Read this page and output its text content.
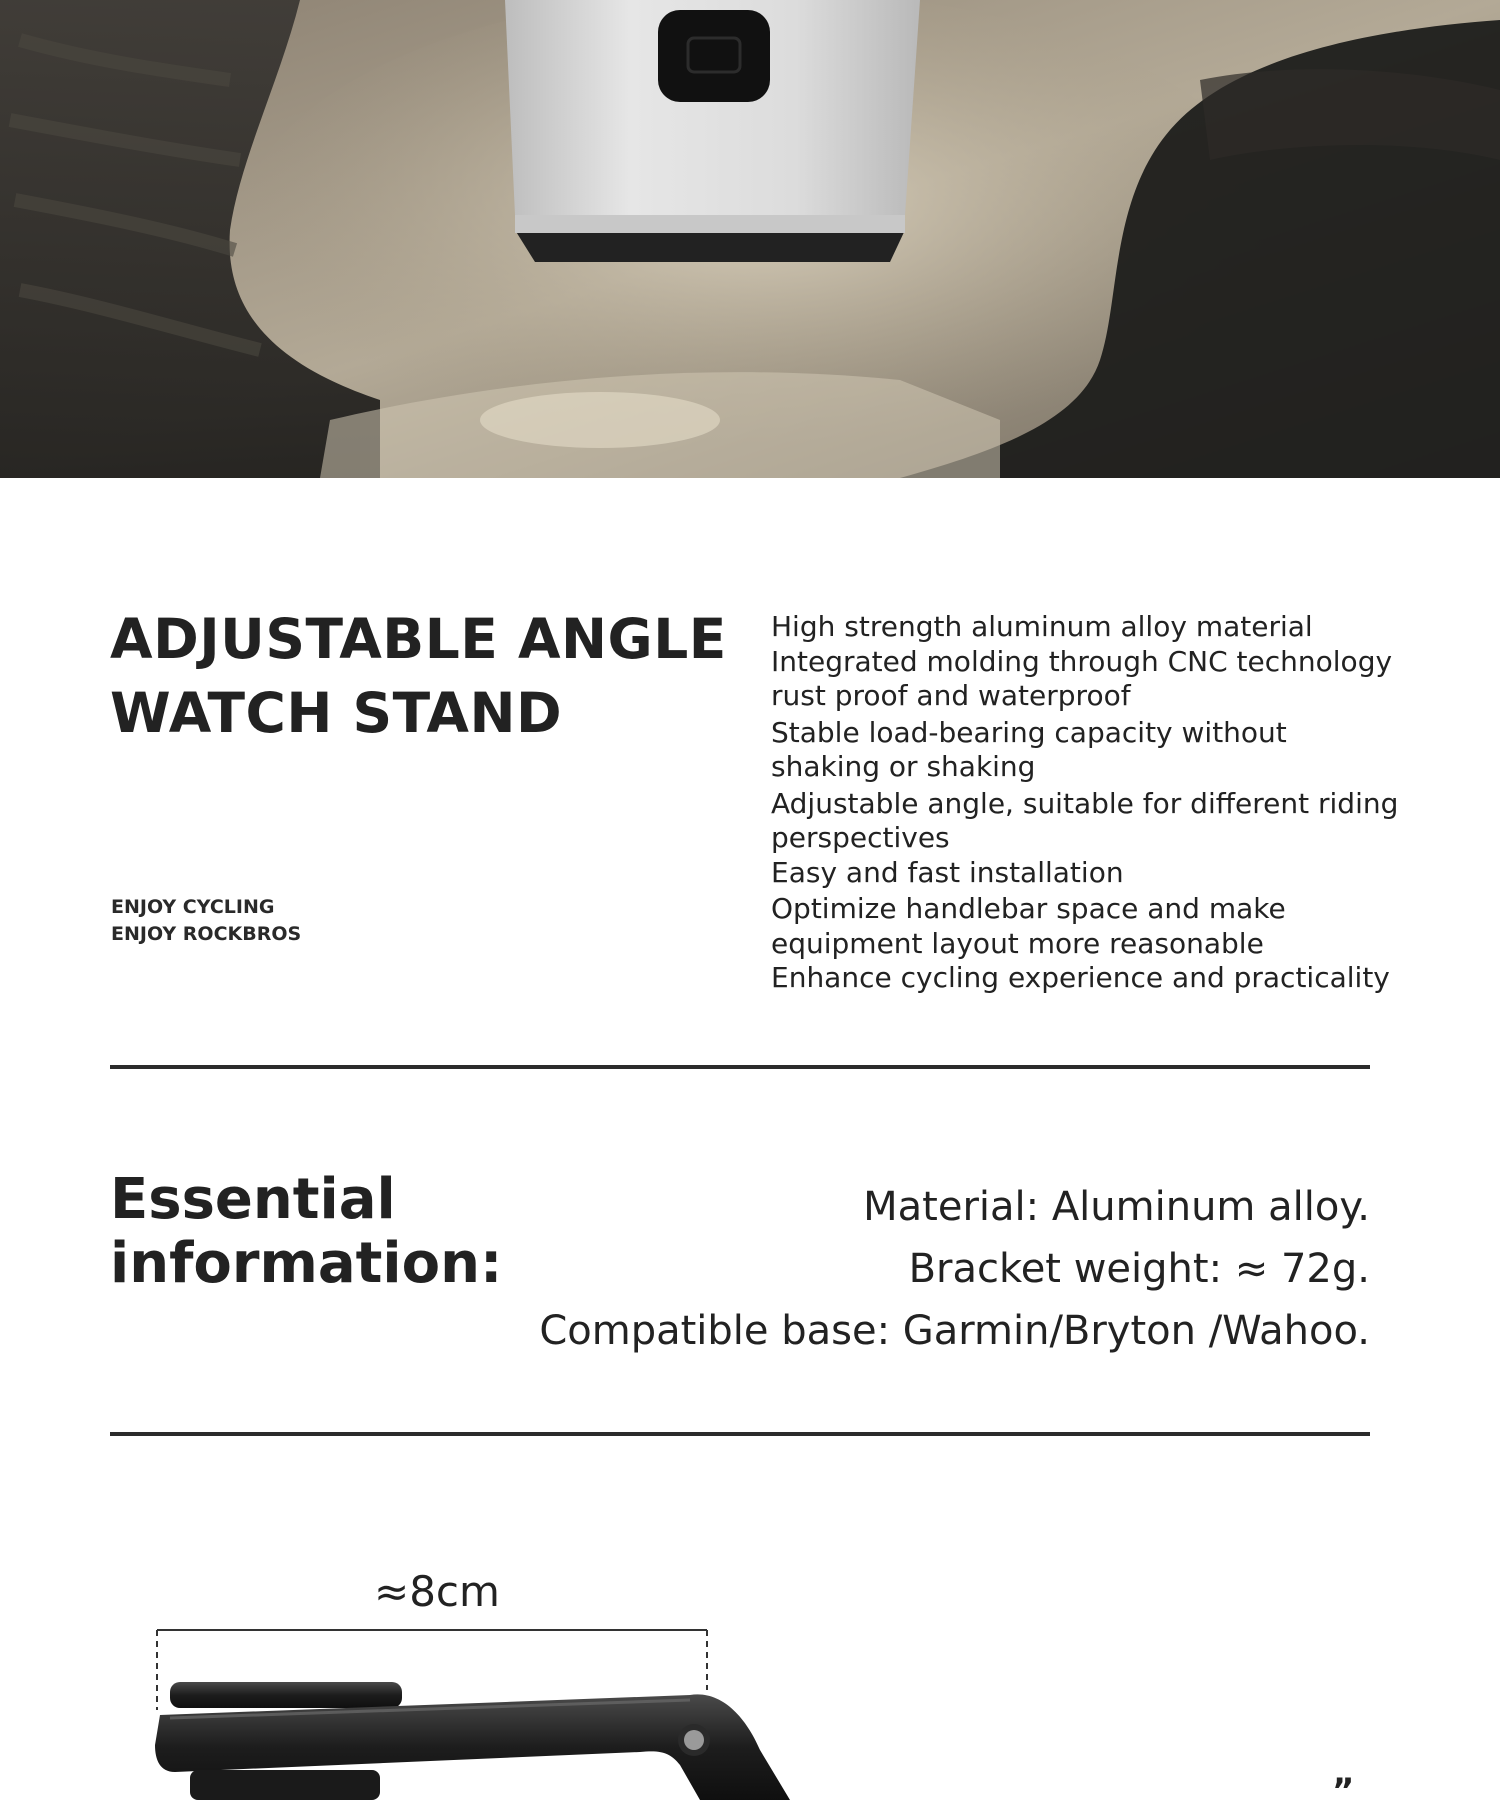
ADJUSTABLE ANGLE
WATCH STAND
ENJOY CYCLING
ENJOY ROCKBROS
High strength aluminum alloy material
Integrated molding through CNC technology
rust proof and waterproof
Stable load-bearing capacity without
shaking or shaking
Adjustable angle, suitable for different riding
perspectives
Easy and fast installation
Optimize handlebar space and make
equipment layout more reasonable
Enhance cycling experience and practicality
Essential
information:
Material: Aluminum alloy.
Bracket weight: ≈ 72g.
Compatible base: Garmin/Bryton /Wahoo.
≈8cm
”
